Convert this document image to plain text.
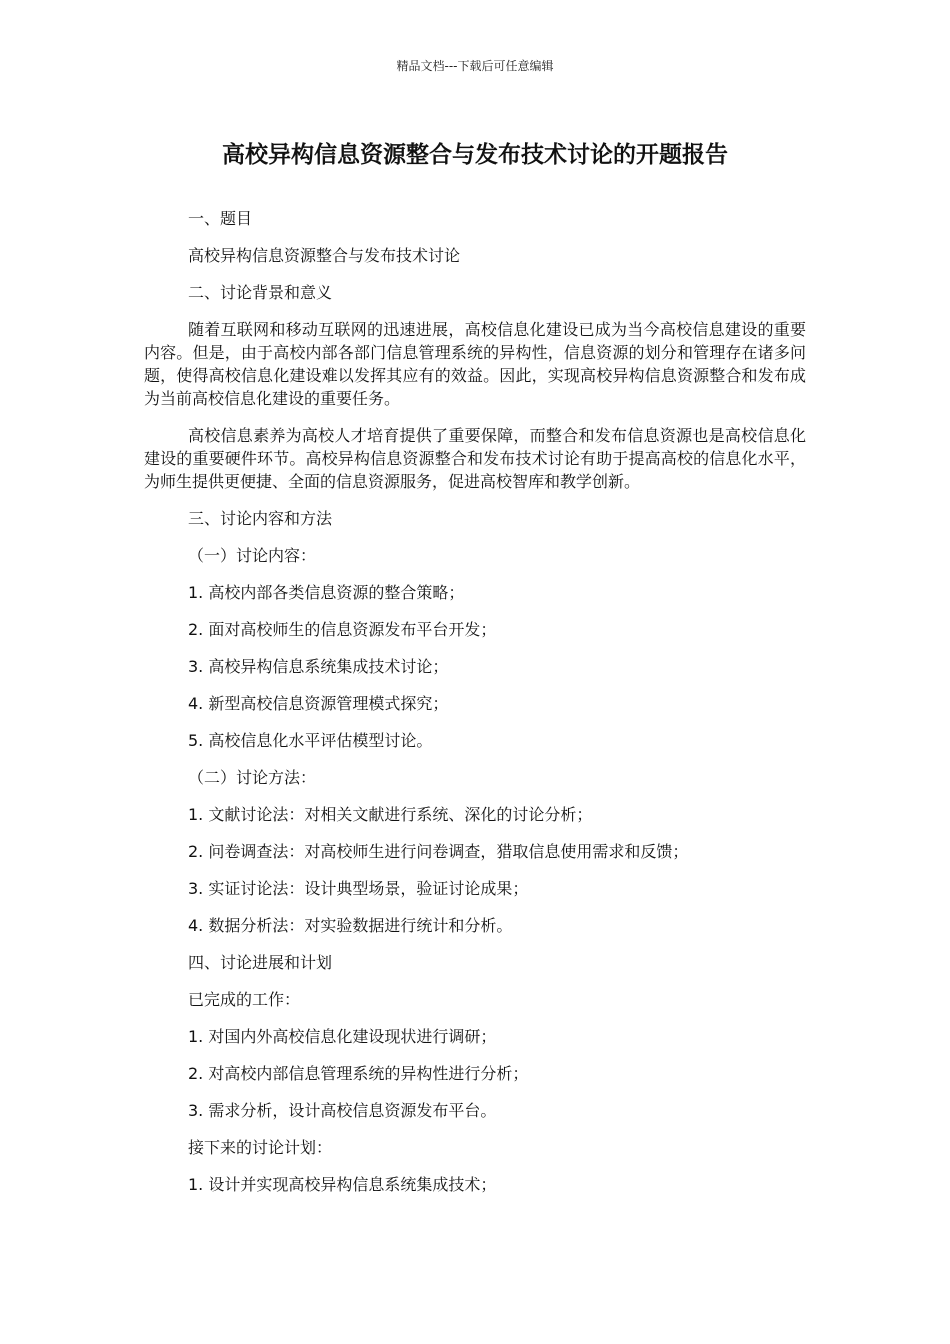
精品文档---下载后可任意编辑
高校异构信息资源整合与发布技术讨论的开题报告

一、题目

高校异构信息资源整合与发布技术讨论

二、讨论背景和意义

随着互联网和移动互联网的迅速进展，高校信息化建设已成为当今高校信息建设的重要内容。但是，由于高校内部各部门信息管理系统的异构性，信息资源的划分和管理存在诸多问题，使得高校信息化建设难以发挥其应有的效益。因此，实现高校异构信息资源整合和发布成为当前高校信息化建设的重要任务。

高校信息素养为高校人才培育提供了重要保障，而整合和发布信息资源也是高校信息化建设的重要硬件环节。高校异构信息资源整合和发布技术讨论有助于提高高校的信息化水平，为师生提供更便捷、全面的信息资源服务，促进高校智库和教学创新。

三、讨论内容和方法

（一）讨论内容：

1. 高校内部各类信息资源的整合策略；

2. 面对高校师生的信息资源发布平台开发；

3. 高校异构信息系统集成技术讨论；

4. 新型高校信息资源管理模式探究；

5. 高校信息化水平评估模型讨论。

（二）讨论方法：

1. 文献讨论法：对相关文献进行系统、深化的讨论分析；

2. 问卷调查法：对高校师生进行问卷调查，猎取信息使用需求和反馈；

3. 实证讨论法：设计典型场景，验证讨论成果；

4. 数据分析法：对实验数据进行统计和分析。

四、讨论进展和计划

已完成的工作：

1. 对国内外高校信息化建设现状进行调研；

2. 对高校内部信息管理系统的异构性进行分析；

3. 需求分析，设计高校信息资源发布平台。

接下来的讨论计划：

1. 设计并实现高校异构信息系统集成技术；
